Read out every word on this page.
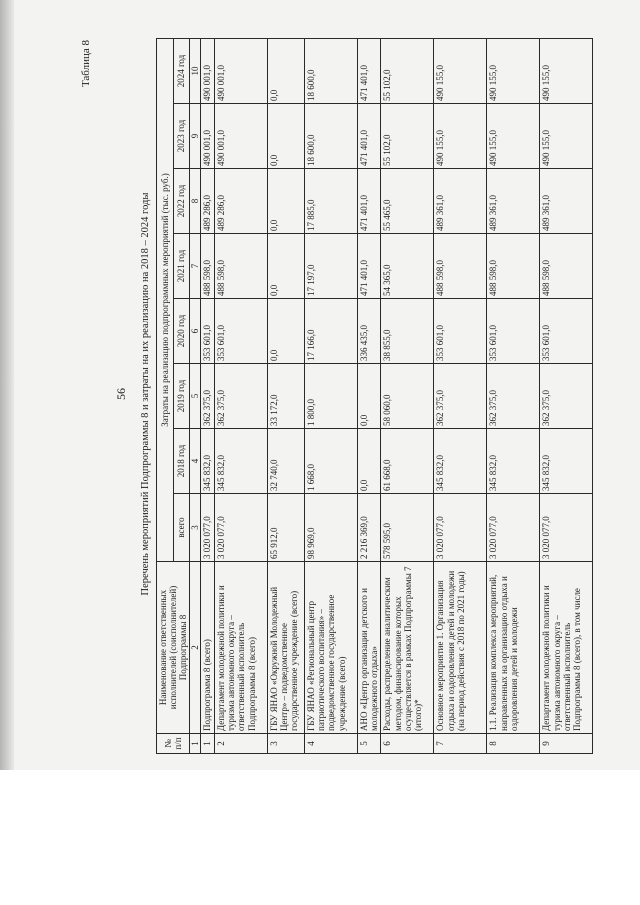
Таблица 8
56 Перечень мероприятий Подпрограммы 8 и затраты на их реализацию на 2018 – 2024 годы
№ п/п	Наименование ответственных исполнителей (соисполнителей) Подпрограммы 8	Затраты на реализацию подпрограммных мероприятий (тыс. руб.)							
		всего	2018 год	2019 год	2020 год	2021 год	2022 год	2023 год	2024 год
1	2	3	4	5	6	7	8	9	10
1	Подпрограмма 8 (всего)	3 020 077,0	345 832,0	362 375,0	353 601,0	488 598,0	489 286,0	490 001,0	490 001,0
2	Департамент молодежной политики и туризма автономного округа – ответственный исполнитель Подпрограммы 8 (всего)	3 020 077,0	345 832,0	362 375,0	353 601,0	488 598,0	489 286,0	490 001,0	490 001,0
3	ГБУ ЯНАО «Окружной Молодежный Центр» – подведомственное государственное учреждение (всего)	65 912,0	32 740,0	33 172,0	0,0	0,0	0,0	0,0	0,0
4	ГБУ ЯНАО «Региональный центр патриотического воспитания» – подведомственное государственное учреждение (всего)	98 969,0	1 668,0	1 800,0	17 166,0	17 197,0	17 885,0	18 600,0	18 600,0
5	АНО «Центр организации детского и молодежного отдыха»	2 216 369,0	0,0	0,0	336 435,0	471 401,0	471 401,0	471 401,0	471 401,0
6	Расходы, распределение аналитическим методом, финансирование которых осуществляется в рамках Подпрограммы 7 (итого)*	578 595,0	61 668,0	58 060,0	38 855,0	54 365,0	55 465,0	55 102,0	55 102,0
7	Основное мероприятие 1. Организация отдыха и оздоровления детей и молодежи (на период действия с 2018 по 2021 годы)	3 020 077,0	345 832,0	362 375,0	353 601,0	488 598,0	489 361,0	490 155,0	490 155,0
8	1.1. Реализация комплекса мероприятий, направленных на организацию отдыха и оздоровления детей и молодежи	3 020 077,0	345 832,0	362 375,0	353 601,0	488 598,0	489 361,0	490 155,0	490 155,0
9	Департамент молодежной политики и туризма автономного округа – ответственный исполнитель Подпрограммы 8 (всего), в том числе	3 020 077,0	345 832,0	362 375,0	353 601,0	488 598,0	489 361,0	490 155,0	490 155,0
